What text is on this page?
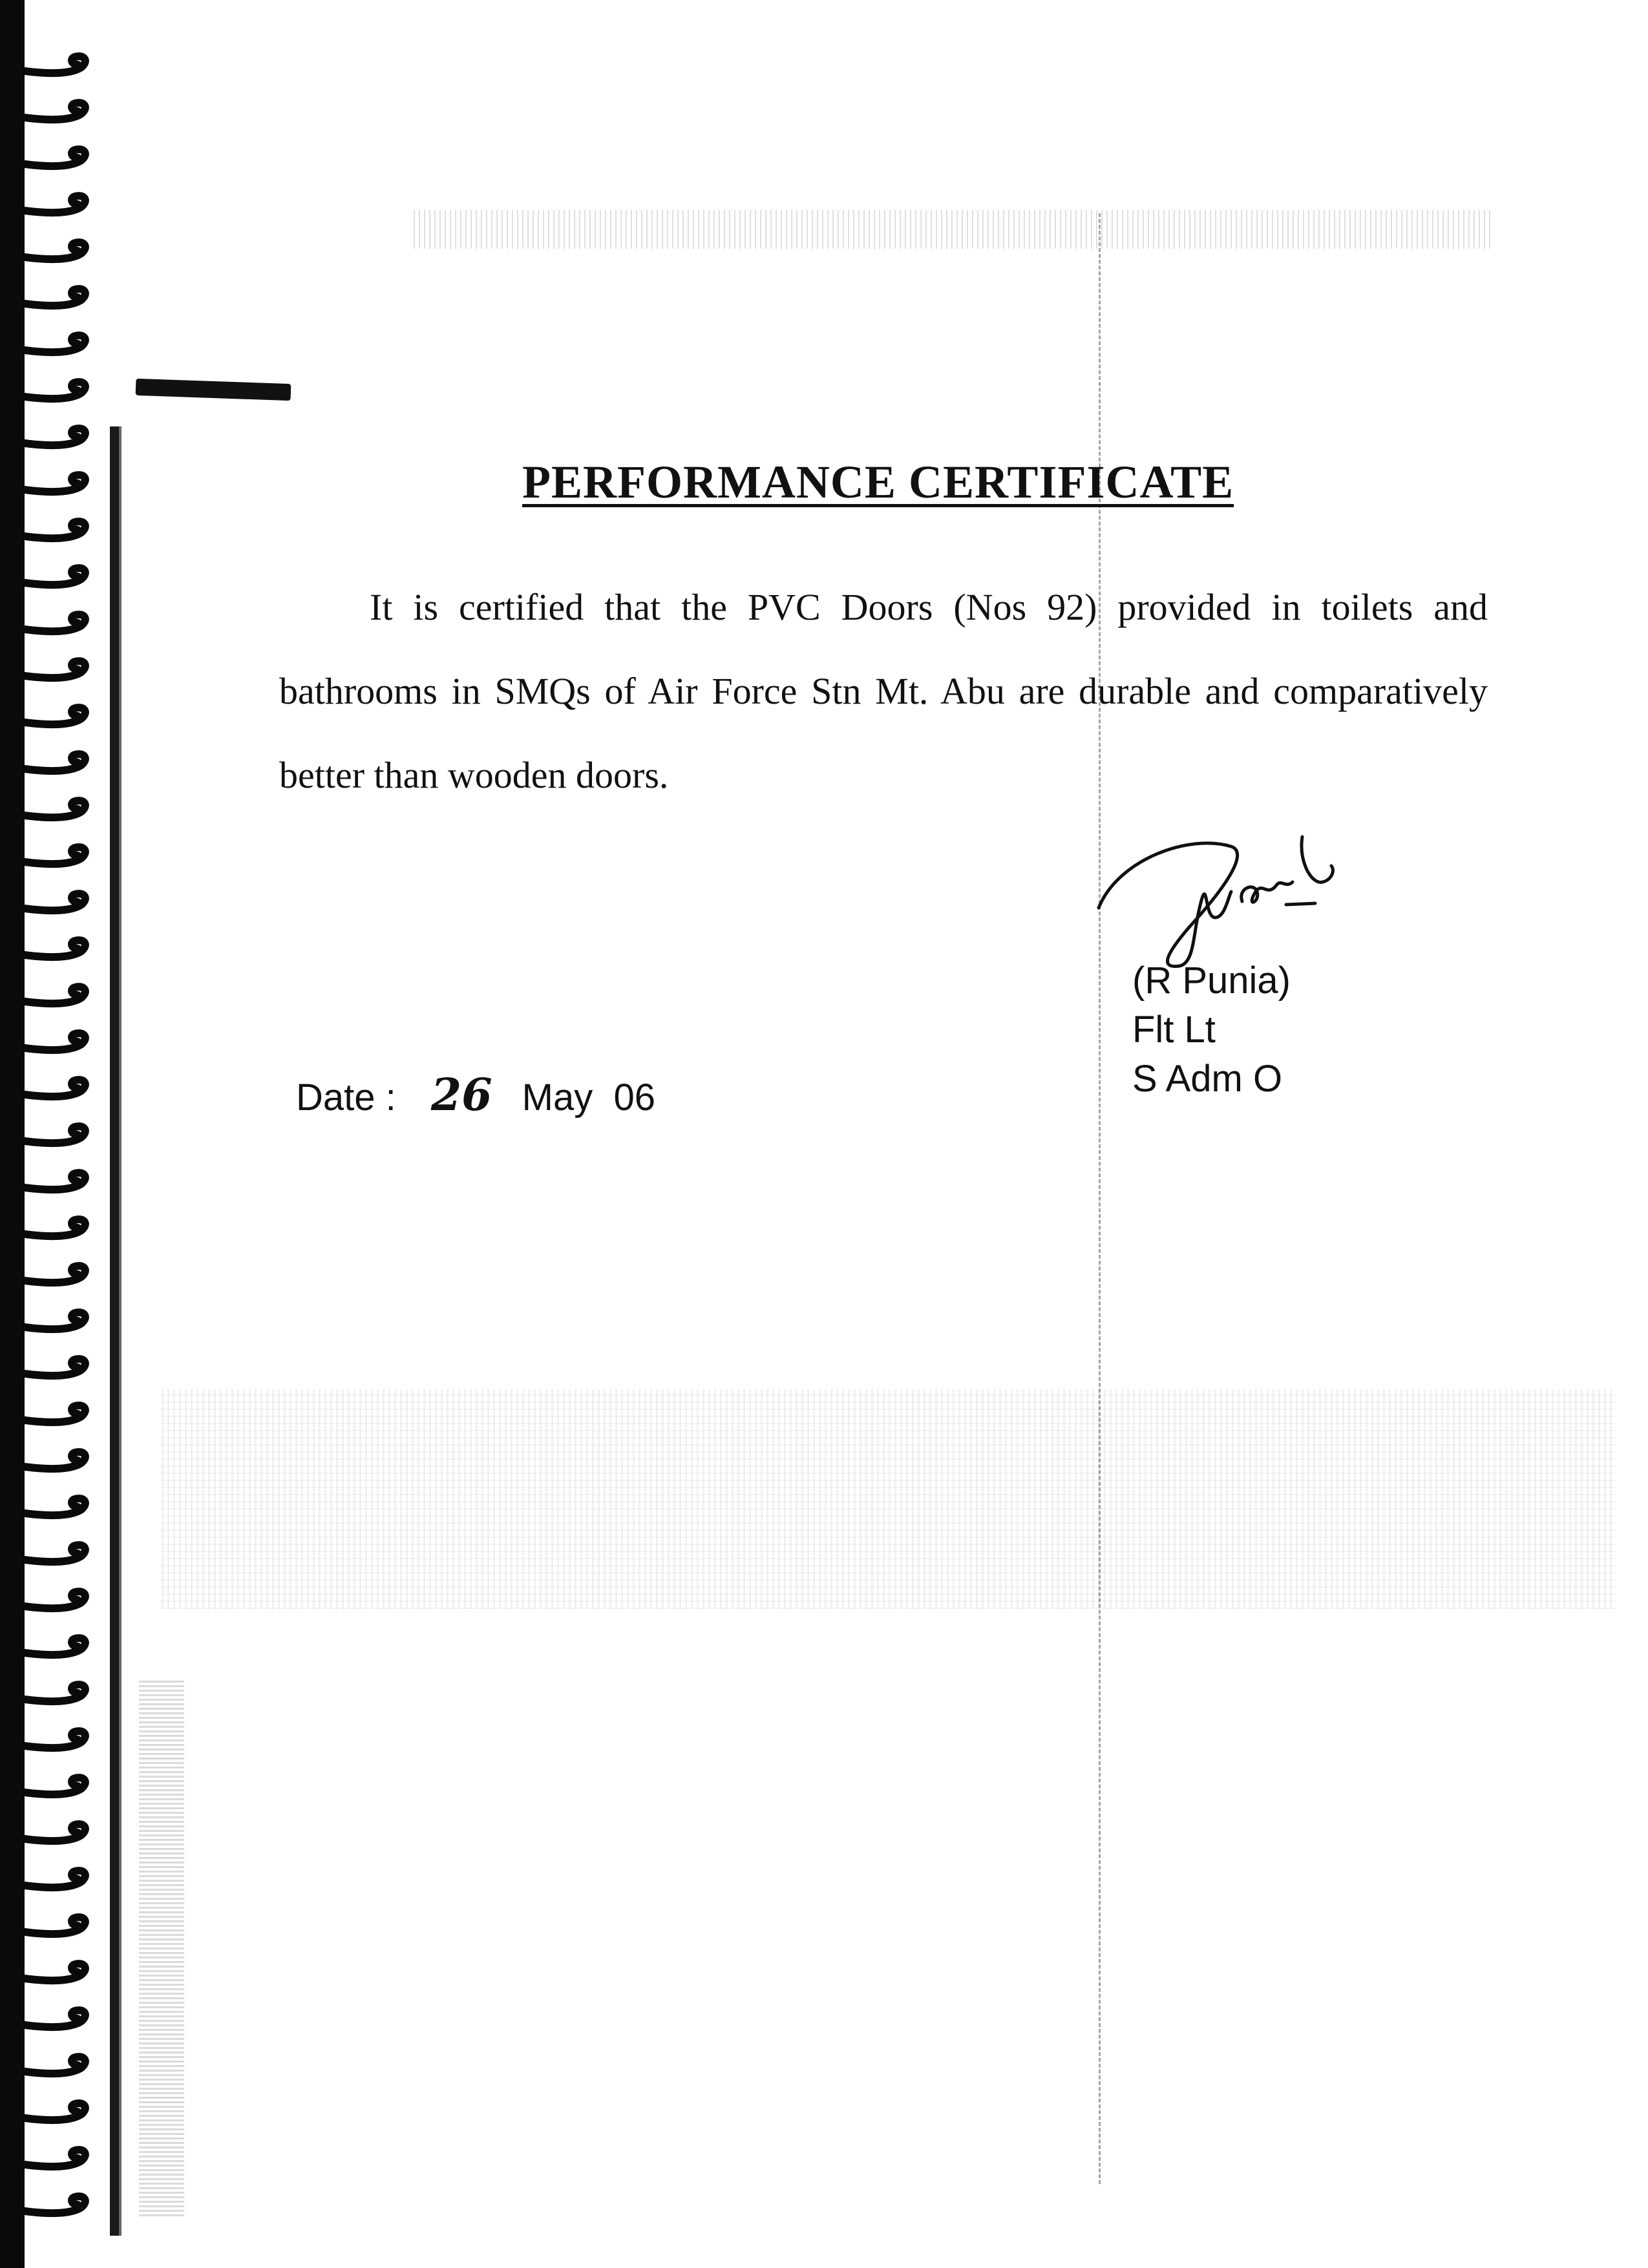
PERFORMANCE CERTIFICATE

It is certified that the PVC Doors (Nos 92) provided in toilets and bathrooms in SMQs of Air Force Stn Mt. Abu are durable and comparatively better than wooden doors.

(R Punia)
Flt Lt
S Adm O
Date : 26 May  06
